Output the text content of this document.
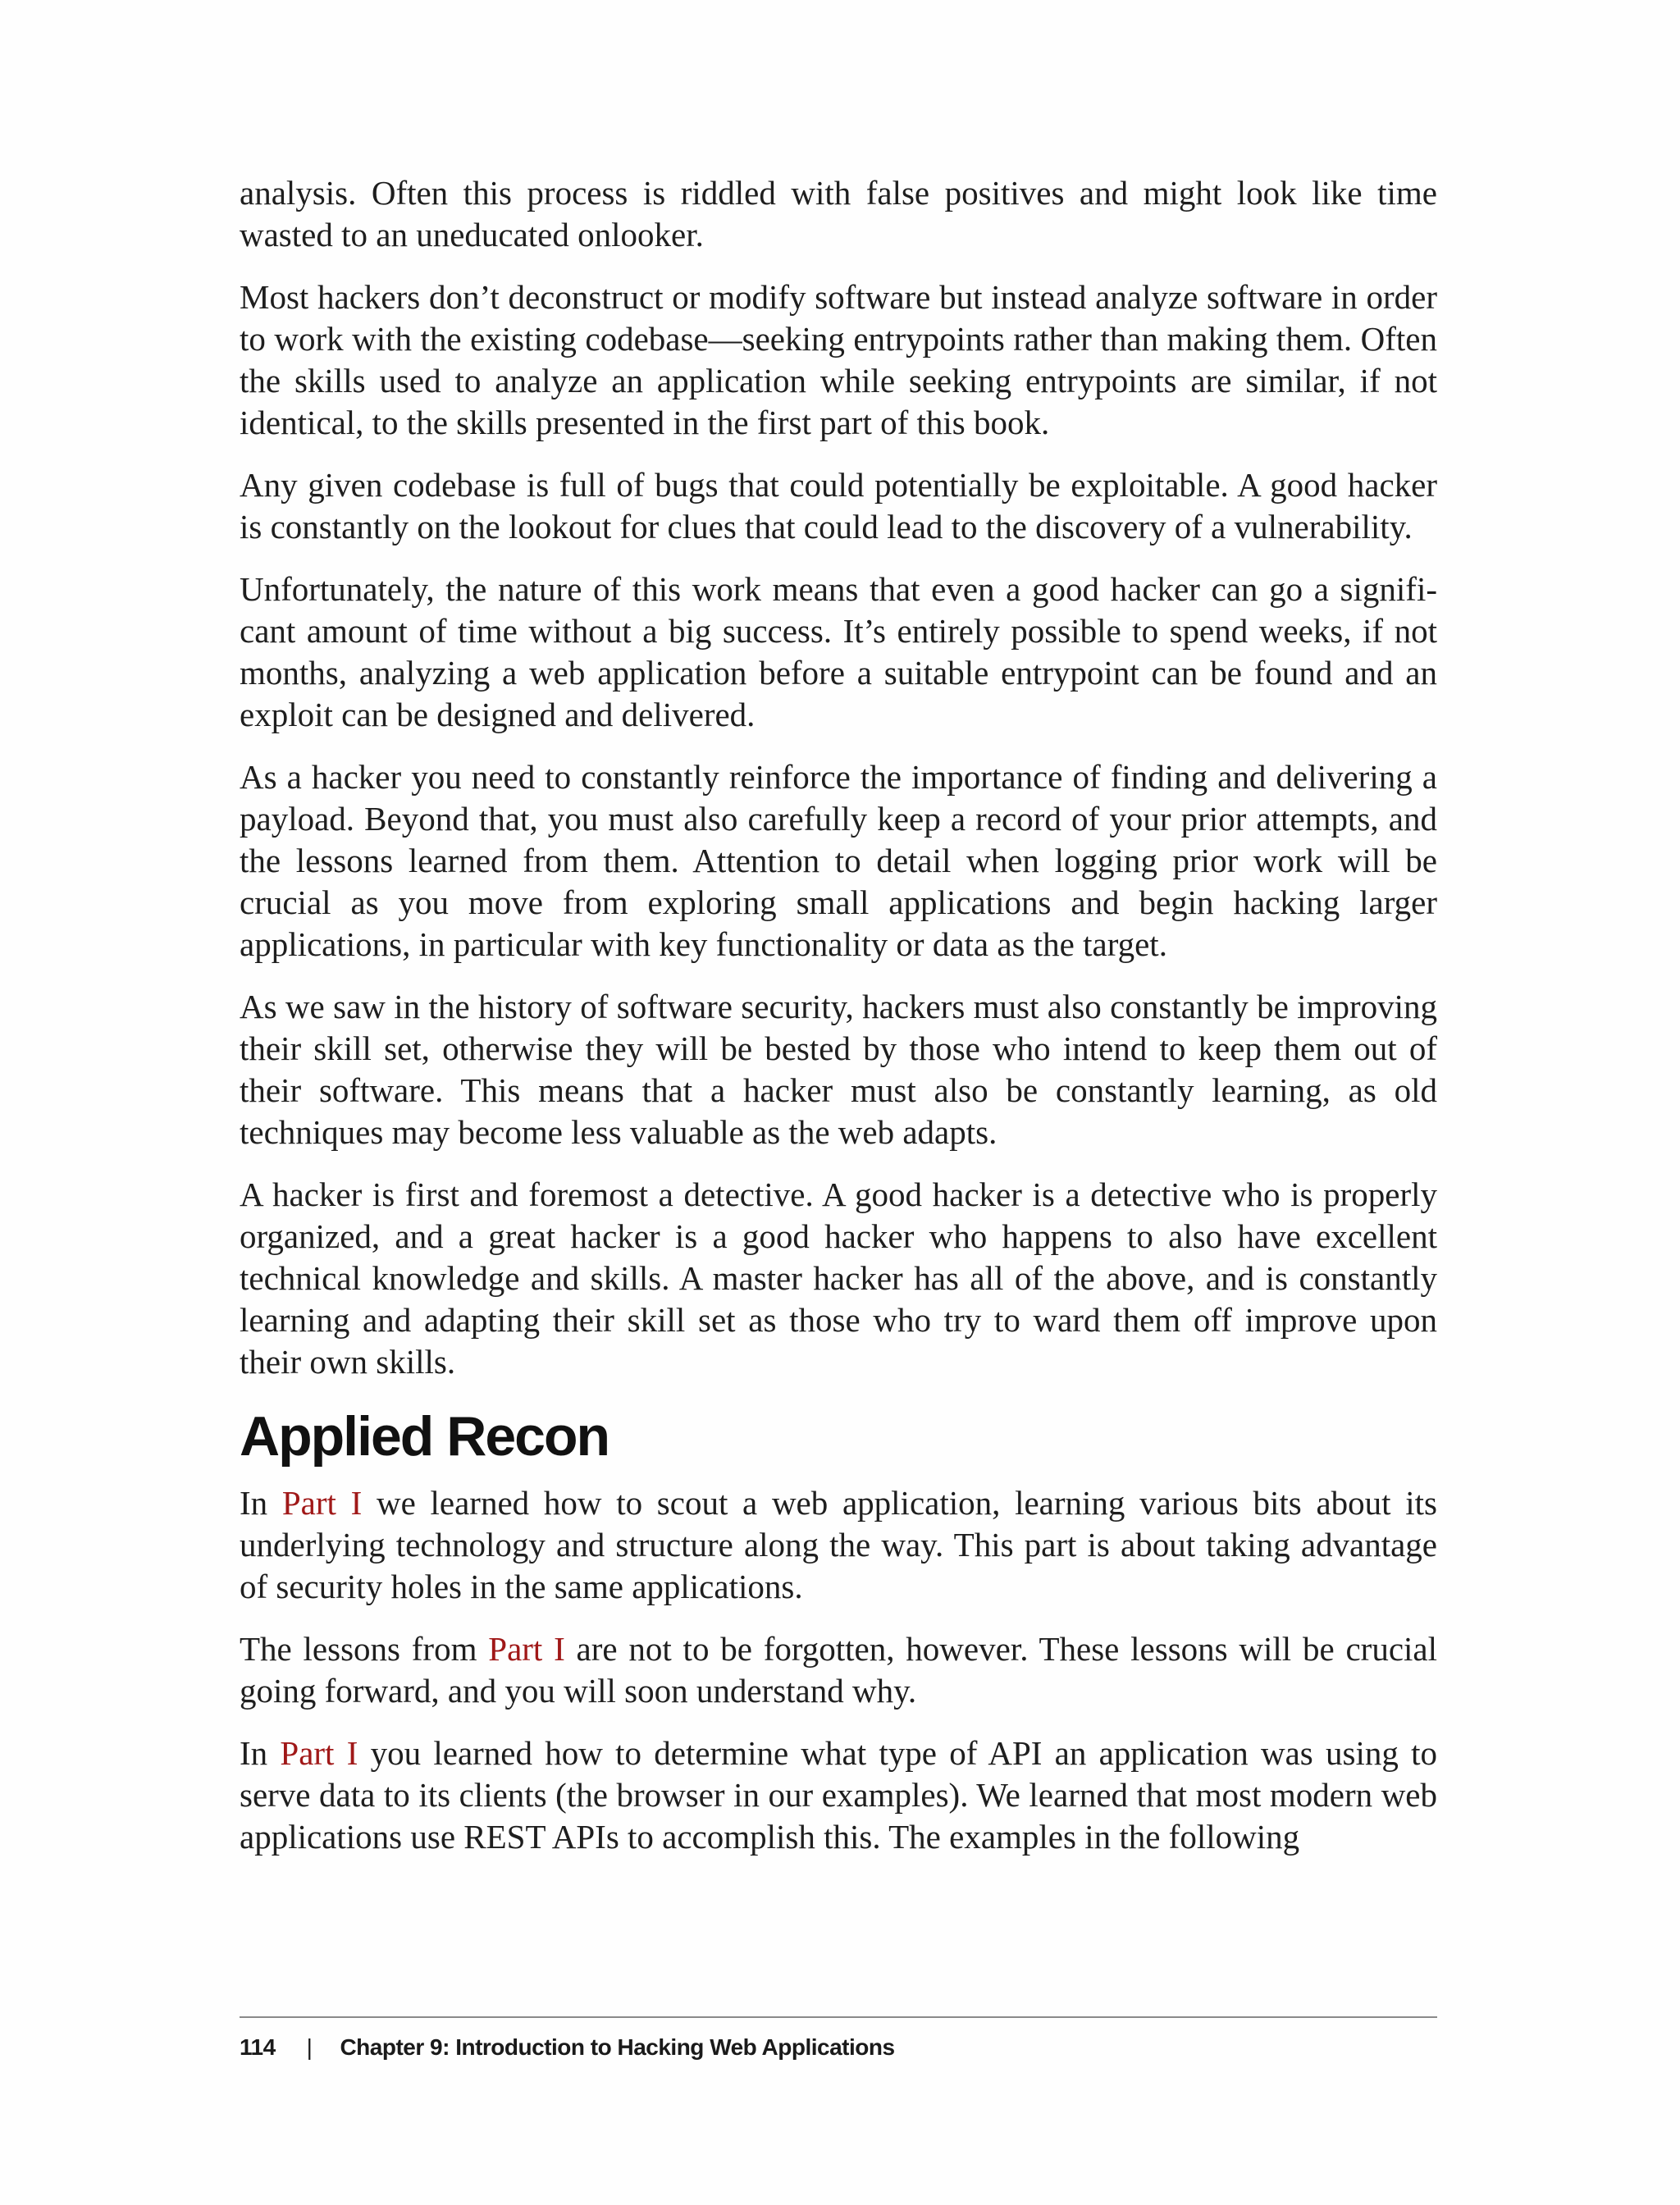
analysis. Often this process is riddled with false positives and might look like time wasted to an uneducated onlooker.

Most hackers don’t deconstruct or modify software but instead analyze software in order to work with the existing codebase—seeking entrypoints rather than making them. Often the skills used to analyze an application while seeking entrypoints are similar, if not identical, to the skills presented in the first part of this book.

Any given codebase is full of bugs that could potentially be exploitable. A good hacker is constantly on the lookout for clues that could lead to the discovery of a vulnerability.

Unfortunately, the nature of this work means that even a good hacker can go a significant amount of time without a big success. It’s entirely possible to spend weeks, if not months, analyzing a web application before a suitable entrypoint can be found and an exploit can be designed and delivered.

As a hacker you need to constantly reinforce the importance of finding and delivering a payload. Beyond that, you must also carefully keep a record of your prior attempts, and the lessons learned from them. Attention to detail when logging prior work will be crucial as you move from exploring small applications and begin hacking larger applications, in particular with key functionality or data as the target.

As we saw in the history of software security, hackers must also constantly be improving their skill set, otherwise they will be bested by those who intend to keep them out of their software. This means that a hacker must also be constantly learning, as old techniques may become less valuable as the web adapts.

A hacker is first and foremost a detective. A good hacker is a detective who is properly organized, and a great hacker is a good hacker who happens to also have excellent technical knowledge and skills. A master hacker has all of the above, and is constantly learning and adapting their skill set as those who try to ward them off improve upon their own skills.

Applied Recon

In Part I we learned how to scout a web application, learning various bits about its underlying technology and structure along the way. This part is about taking advantage of security holes in the same applications.

The lessons from Part I are not to be forgotten, however. These lessons will be crucial going forward, and you will soon understand why.

In Part I you learned how to determine what type of API an application was using to serve data to its clients (the browser in our examples). We learned that most modern web applications use REST APIs to accomplish this. The examples in the following

114 | Chapter 9: Introduction to Hacking Web Applications
